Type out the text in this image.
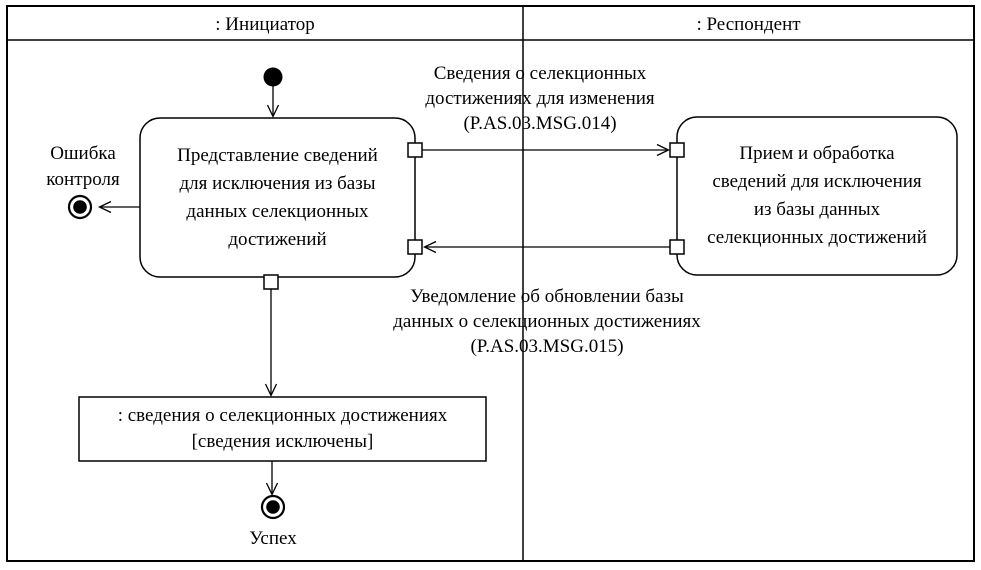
: Инициатор	: Респондент
Представление сведений
для исключения из базы
данных селекционных
достижений
Прием и обработка
сведений для исключения
из базы данных
селекционных достижений
Сведения о селекционных
достижениях для изменения
(P.AS.03.MSG.014)
Уведомление об обновлении базы
данных о селекционных достижениях
(P.AS.03.MSG.015)
Ошибка
контроля
: сведения о селекционных достижениях
[сведения исключены]
Успех
